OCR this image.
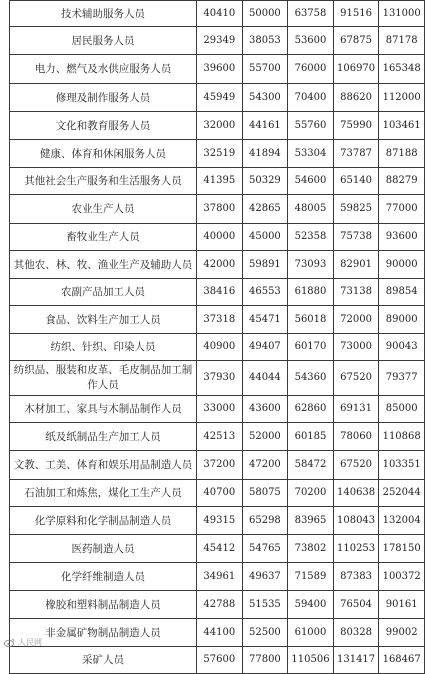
技术辅助服务人员	40410	50000	63758	91516	131000
居民服务人员	29349	38053	53600	67875	87178
电力、燃气及水供应服务人员	39600	55700	76000	106970	165348
修理及制作服务人员	45949	54300	70400	88620	112000
文化和教育服务人员	32000	44161	55760	75990	103461
健康、体育和休闲服务人员	32519	41894	53304	73787	87188
其他社会生产服务和生活服务人员	41395	50329	54600	65140	88279
农业生产人员	37800	42865	48005	59825	77000
畜牧业生产人员	40000	45000	52358	75738	93600
其他农、林、牧、渔业生产及辅助人员	42000	59891	73093	82901	90000
农副产品加工人员	38416	46553	61880	73138	89854
食品、饮料生产加工人员	37318	45471	56018	72000	89000
纺织、针织、印染人员	40900	49407	60170	73000	90043
纺织品、服装和皮革、毛皮制品加工制作人员	37930	44044	54360	67520	79377
木材加工、家具与木制品制作人员	33000	43600	62860	69131	85000
纸及纸制品生产加工人员	42513	52000	60185	78060	110868
文教、工美、体育和娱乐用品制造人员	37200	47200	58472	67520	103351
石油加工和炼焦，煤化工生产人员	40700	58075	70200	140638	252044
化学原料和化学制品制造人员	49315	65298	83965	108043	132004
医药制造人员	45412	54765	73802	110253	178150
化学纤维制造人员	34961	49637	71589	87383	100372
橡胶和塑料制品制造人员	42788	51535	59400	76504	90161
非金属矿物制品制造人员	44100	52500	61000	80328	99002
采矿人员	57600	77800	110506	131417	168467
人民网
